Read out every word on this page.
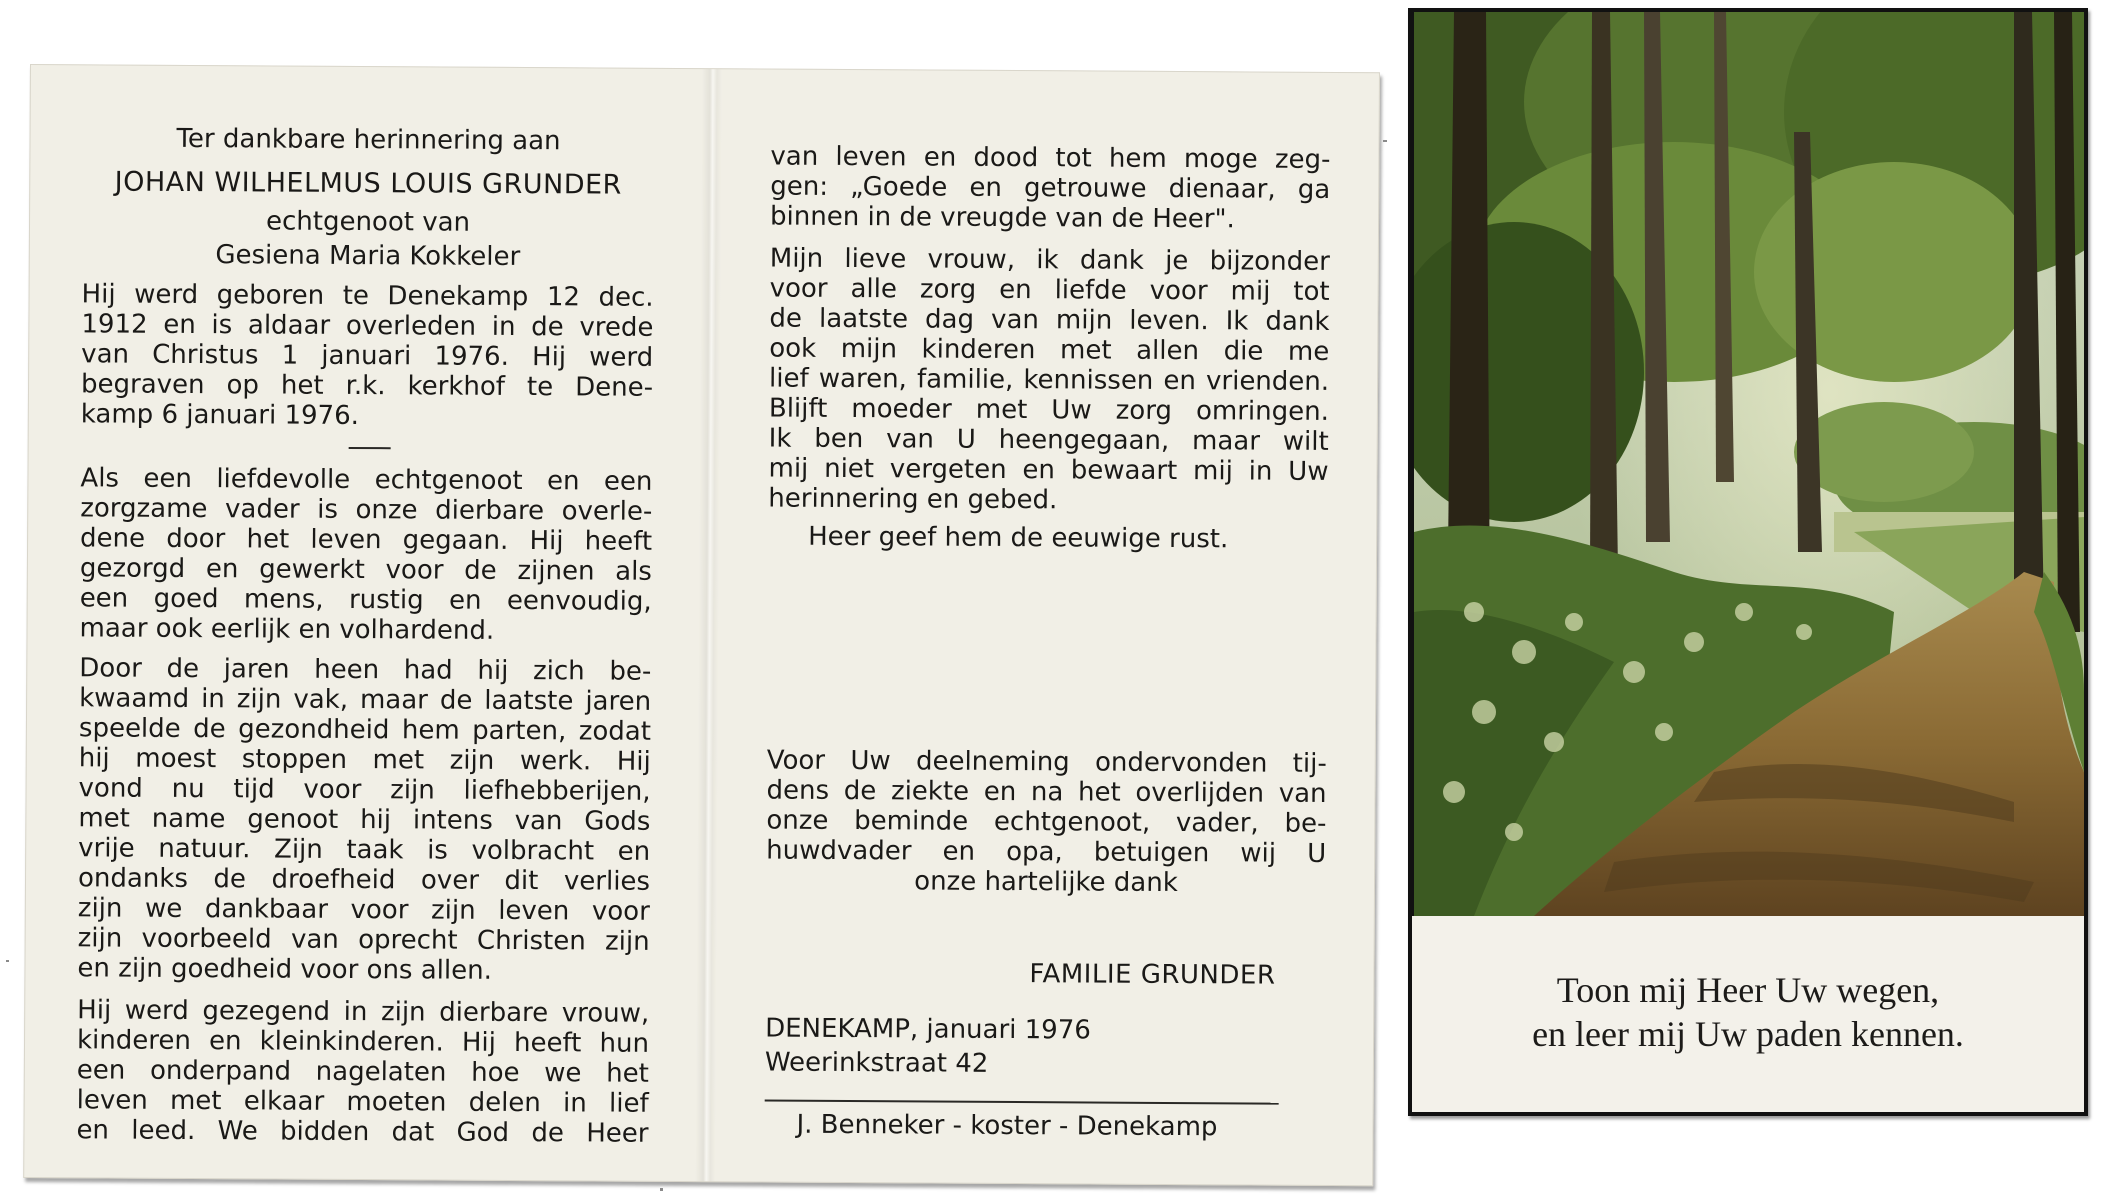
Ter dankbare herinnering aan
JOHAN WILHELMUS LOUIS GRUNDER
echtgenoot van
Gesiena Maria Kokkeler
Hij werd geboren te Denekamp 12 dec.
1912 en is aldaar overleden in de vrede
van Christus 1 januari 1976. Hij werd
begraven op het r.k. kerkhof te Dene-
kamp 6 januari 1976.
Als een liefdevolle echtgenoot en een
zorgzame vader is onze dierbare overle-
dene door het leven gegaan. Hij heeft
gezorgd en gewerkt voor de zijnen als
een goed mens, rustig en eenvoudig,
maar ook eerlijk en volhardend.
Door de jaren heen had hij zich be-
kwaamd in zijn vak, maar de laatste jaren
speelde de gezondheid hem parten, zodat
hij moest stoppen met zijn werk. Hij
vond nu tijd voor zijn liefhebberijen,
met name genoot hij intens van Gods
vrije natuur. Zijn taak is volbracht en
ondanks de droefheid over dit verlies
zijn we dankbaar voor zijn leven voor
zijn voorbeeld van oprecht Christen zijn
en zijn goedheid voor ons allen.
Hij werd gezegend in zijn dierbare vrouw,
kinderen en kleinkinderen. Hij heeft hun
een onderpand nagelaten hoe we het
leven met elkaar moeten delen in lief
en leed. We bidden dat God de Heer
van leven en dood tot hem moge zeg-
gen: „Goede en getrouwe dienaar, ga
binnen in de vreugde van de Heer".
Mijn lieve vrouw, ik dank je bijzonder
voor alle zorg en liefde voor mij tot
de laatste dag van mijn leven. Ik dank
ook mijn kinderen met allen die me
lief waren, familie, kennissen en vrienden.
Blijft moeder met Uw zorg omringen.
Ik ben van U heengegaan, maar wilt
mij niet vergeten en bewaart mij in Uw
herinnering en gebed.
Heer geef hem de eeuwige rust.
Voor Uw deelneming ondervonden tij-
dens de ziekte en na het overlijden van
onze beminde echtgenoot, vader, be-
huwdvader en opa, betuigen wij U
onze hartelijke dank
FAMILIE GRUNDER
DENEKAMP, januari 1976
Weerinkstraat 42
J. Benneker - koster - Denekamp
Toon mij Heer Uw wegen,
en leer mij Uw paden kennen.
